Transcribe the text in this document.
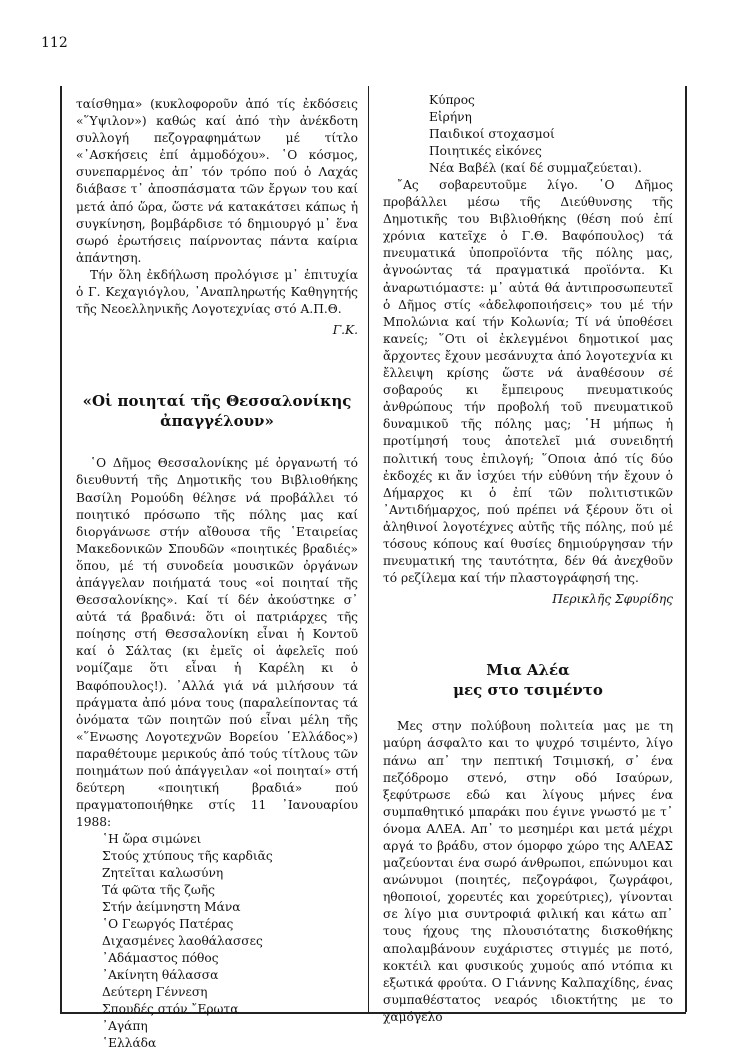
112

ταίσθημα» (κυκλοφοροῦν ἀπό τίς ἐκδόσεις «῞Υψιλον») καθώς καί ἀπό τὴν ἀνέκδοτη συλλογή πεζογραφημάτων μέ τίτλο «᾿Ασκήσεις ἐπί ἀμμοδόχου». ῾Ο κόσμος, συνεπαρμένος ἀπ᾿ τόν τρόπο πού ὁ Λαχάς διάβασε τ᾿ ἀποσπάσματα τῶν ἔργων του καί μετά ἀπό ὥρα, ὥστε νά κατακάτσει κάπως ἡ συγκίνηση, βομβάρδισε τό δημιουργό μ᾿ ἕνα σωρό ἐρωτήσεις παίρνοντας πάντα καίρια ἀπάντηση.

Τήν ὅλη ἐκδήλωση προλόγισε μ᾿ ἐπιτυχία ὁ Γ. Κεχαγιόγλου, ᾿Αναπληρωτής Καθηγητής τῆς Νεοελληνικῆς Λογοτεχνίας στό Α.Π.Θ.

Γ.Κ.
«Οἱ ποιηταί τῆς Θεσσαλονίκης
ἀπαγγέλουν»

῾Ο Δῆμος Θεσσαλονίκης μέ ὀργανωτή τό διευθυντή τῆς Δημοτικῆς του Βιβλιοθήκης Βασίλη Ρομούδη θέλησε νά προβάλλει τό ποιητικό πρόσωπο τῆς πόλης μας καί διοργάνωσε στήν αἴθουσα τῆς ῾Εταιρείας Μακεδονικῶν Σπουδῶν «ποιητικές βραδιές» ὅπου, μέ τή συνοδεία μουσικῶν ὀργάνων ἀπάγγελαν ποιήματά τους «οἱ ποιηταί τῆς Θεσσαλονίκης». Καί τί δέν ἀκούστηκε σ᾿ αὐτά τά βραδινά: ὅτι οἱ πατριάρχες τῆς ποίησης στή Θεσσαλονίκη εἶναι ἡ Κοντοῦ καί ὁ Σάλτας (κι ἐμεῖς οἱ ἀφελεῖς πού νομίζαμε ὅτι εἶναι ἡ Καρέλη κι ὁ Βαφόπουλος!). ᾿Αλλά γιά νά μιλήσουν τά πράγματα ἀπό μόνα τους (παραλείποντας τά ὀνόματα τῶν ποιητῶν πού εἶναι μέλη τῆς «῞Ενωσης Λογοτεχνῶν Βορείου ῾Ελλάδος») παραθέτουμε μερικούς ἀπό τούς τίτλους τῶν ποιημάτων πού ἀπάγγειλαν «οἱ ποιηταί» στή δεύτερη «ποιητική βραδιά» πού πραγματοποιήθηκε στίς 11 ᾿Ιανουαρίου 1988:

῾Η ὥρα σιμώνει
Στούς χτύπους τῆς καρδιᾶς
Ζητεῖται καλωσύνη
Τά φῶτα τῆς ζωῆς
Στήν ἀείμνηστη Μάνα
῾Ο Γεωργός Πατέρας
Διχασμένες λαοθάλασσες
᾿Αδάμαστος πόθος
᾿Ακίνητη θάλασσα
Δεύτερη Γέννεση
Σπουδές στόν ῎Ερωτα
᾿Αγάπη
῾Ελλάδα
Κύπρος
Εἰρήνη
Παιδικοί στοχασμοί
Ποιητικές εἰκόνες
Νέα Βαβέλ (καί δέ συμμαζεύεται).

῎Ας σοβαρευτοῦμε λίγο. ῾Ο Δῆμος προβάλλει μέσω τῆς Διεύθυνσης τῆς Δημοτικῆς του Βιβλιοθήκης (θέση πού ἐπί χρόνια κατεῖχε ὁ Γ.Θ. Βαφόπουλος) τά πνευματικά ὑποπροϊόντα τῆς πόλης μας, ἀγνοώντας τά πραγματικά προϊόντα. Κι ἀναρωτιόμαστε: μ᾿ αὐτά θά ἀντιπροσωπευτεῖ ὁ Δῆμος στίς «ἀδελφοποιήσεις» του μέ τήν Μπολώνια καί τήν Κολωνία; Τί νά ὑποθέσει κανείς; ῞Οτι οἱ ἐκλεγμένοι δημοτικοί μας ἄρχοντες ἔχουν μεσάνυχτα ἀπό λογοτεχνία κι ἔλλειψη κρίσης ὥστε νά ἀναθέσουν σέ σοβαρούς κι ἔμπειρους πνευματικούς ἀνθρώπους τήν προβολή τοῦ πνευματικοῦ δυναμικοῦ τῆς πόλης μας; ῾Η μήπως ἡ προτίμησή τους ἀποτελεῖ μιά συνειδητή πολιτική τους ἐπιλογή; ῞Οποια ἀπό τίς δύο ἐκδοχές κι ἄν ἰσχύει τήν εὐθύνη τήν ἔχουν ὁ Δήμαρχος κι ὁ ἐπί τῶν πολιτιστικῶν ᾿Αντιδήμαρχος, πού πρέπει νά ξέρουν ὅτι οἱ ἀληθινοί λογοτέχνες αὐτῆς τῆς πόλης, πού μέ τόσους κόπους καί θυσίες δημιούργησαν τήν πνευματική της ταυτότητα, δέν θά ἀνεχθοῦν τό ρεζίλεμα καί τήν πλαστογράφησή της.

Περικλῆς Σφυρίδης
Μια Αλέα
μες στο τσιμέντο

Μες στην πολύβουη πολιτεία μας με τη μαύρη άσφαλτο και το ψυχρό τσιμέντο, λίγο πάνω απ᾿ την πεπτική Τσιμισκή, σ᾿ ένα πεζόδρομο στενό, στην οδό Ισαύρων, ξεφύτρωσε εδώ και λίγους μήνες ένα συμπαθητικό μπαράκι που έγινε γνωστό με τ᾿ όνομα ΑΛΕΑ. Απ᾿ το μεσημέρι και μετά μέχρι αργά το βράδυ, στον όμορφο χώρο της ΑΛΕΑΣ μαζεύονται ένα σωρό άνθρωποι, επώνυμοι και ανώνυμοι (ποιητές, πεζογράφοι, ζωγράφοι, ηθοποιοί, χορευτές και χορεύτριες), γίνονται σε λίγο μια συντροφιά φιλική και κάτω απ᾿ τους ήχους της πλουσιότατης δισκοθήκης απολαμβάνουν ευχάριστες στιγμές με ποτό, κοκτέιλ και φυσικούς χυμούς από ντόπια κι εξωτικά φρούτα. Ο Γιάννης Καλπαχίδης, ένας συμπαθέστατος νεαρός ιδιοκτήτης με το χαμόγελο
